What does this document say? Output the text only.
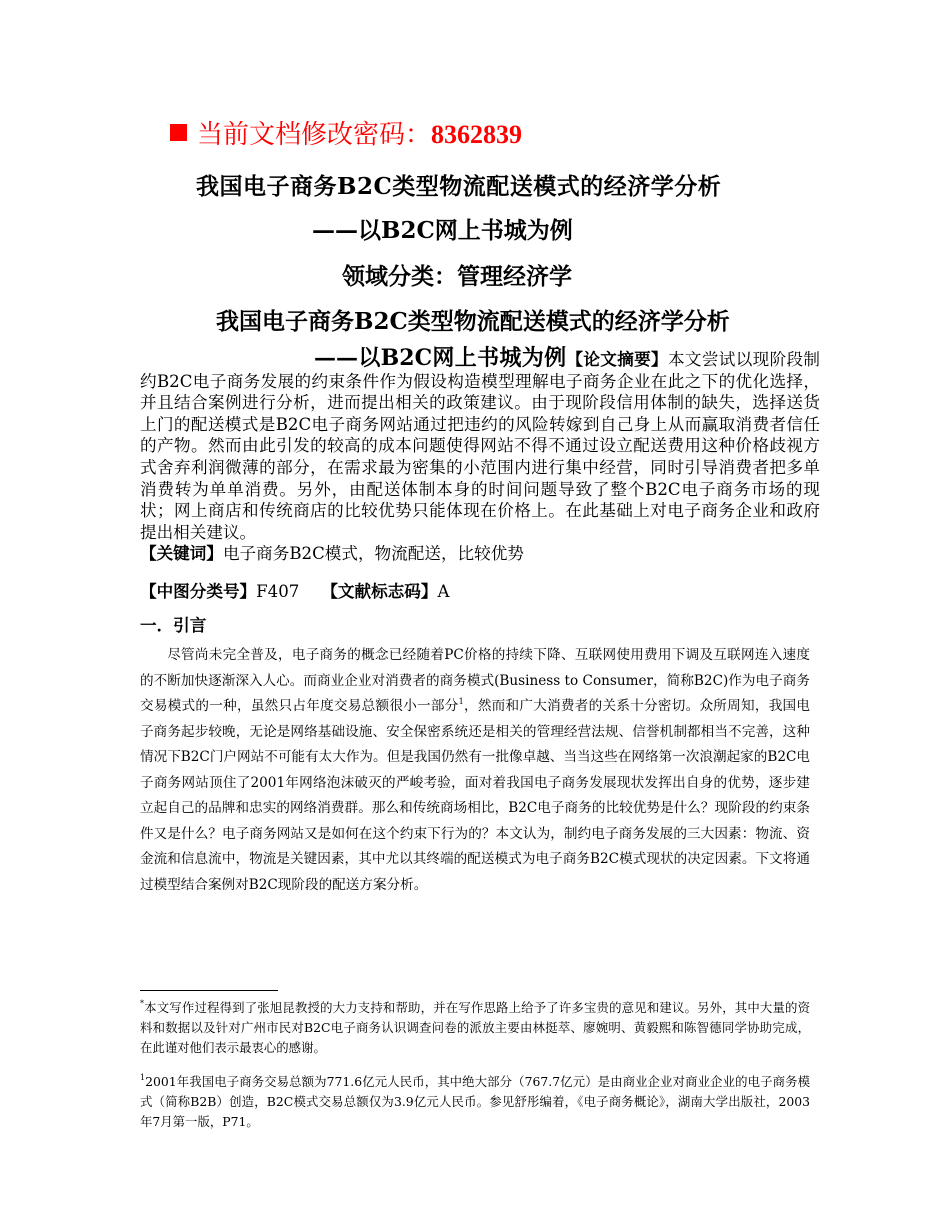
当前文档修改密码：8362839
我国电子商务B2C类型物流配送模式的经济学分析
——以B2C网上书城为例
领域分类：管理经济学
我国电子商务B2C类型物流配送模式的经济学分析
——以B2C网上书城为例【论文摘要】本文尝试以现阶段制约B2C电子商务发展的约束条件作为假设构造模型理解电子商务企业在此之下的优化选择，并且结合案例进行分析，进而提出相关的政策建议。由于现阶段信用体制的缺失，选择送货上门的配送模式是B2C电子商务网站通过把违约的风险转嫁到自己身上从而赢取消费者信任的产物。然而由此引发的较高的成本问题使得网站不得不通过设立配送费用这种价格歧视方式舍弃利润微薄的部分，在需求最为密集的小范围内进行集中经营，同时引导消费者把多单消费转为单单消费。另外，由配送体制本身的时间问题导致了整个B2C电子商务市场的现状；网上商店和传统商店的比较优势只能体现在价格上。在此基础上对电子商务企业和政府提出相关建议。
【关键词】电子商务B2C模式，物流配送，比较优势
【中图分类号】F407 【文献标志码】A
一．引言

尽管尚未完全普及，电子商务的概念已经随着PC价格的持续下降、互联网使用费用下调及互联网连入速度的不断加快逐渐深入人心。而商业企业对消费者的商务模式(Business to Consumer，简称B2C)作为电子商务交易模式的一种，虽然只占年度交易总额很小一部分$^1$，然而和广大消费者的关系十分密切。众所周知，我国电子商务起步较晚，无论是网络基础设施、安全保密系统还是相关的管理经营法规、信誉机制都相当不完善，这种情况下B2C门户网站不可能有太大作为。但是我国仍然有一批像卓越、当当这些在网络第一次浪潮起家的B2C电子商务网站顶住了2001年网络泡沫破灭的严峻考验，面对着我国电子商务发展现状发挥出自身的优势，逐步建立起自己的品牌和忠实的网络消费群。那么和传统商场相比，B2C电子商务的比较优势是什么？现阶段的约束条件又是什么？电子商务网站又是如何在这个约束下行为的？本文认为，制约电子商务发展的三大因素：物流、资金流和信息流中，物流是关键因素，其中尤以其终端的配送模式为电子商务B2C模式现状的决定因素。下文将通过模型结合案例对B2C现阶段的配送方案分析。

*本文写作过程得到了张旭昆教授的大力支持和帮助，并在写作思路上给予了许多宝贵的意见和建议。另外，其中大量的资料和数据以及针对广州市民对B2C电子商务认识调查问卷的派放主要由林挺萃、廖婉明、黄毅熙和陈智德同学协助完成，在此谨对他们表示最衷心的感谢。

$^1$2001年我国电子商务交易总额为771.6亿元人民币，其中绝大部分（767.7亿元）是由商业企业对商业企业的电子商务模式（简称B2B）创造，B2C模式交易总额仅为3.9亿元人民币。参见舒彤编着，《电子商务概论》，湖南大学出版社，2003年7月第一版，P71。
